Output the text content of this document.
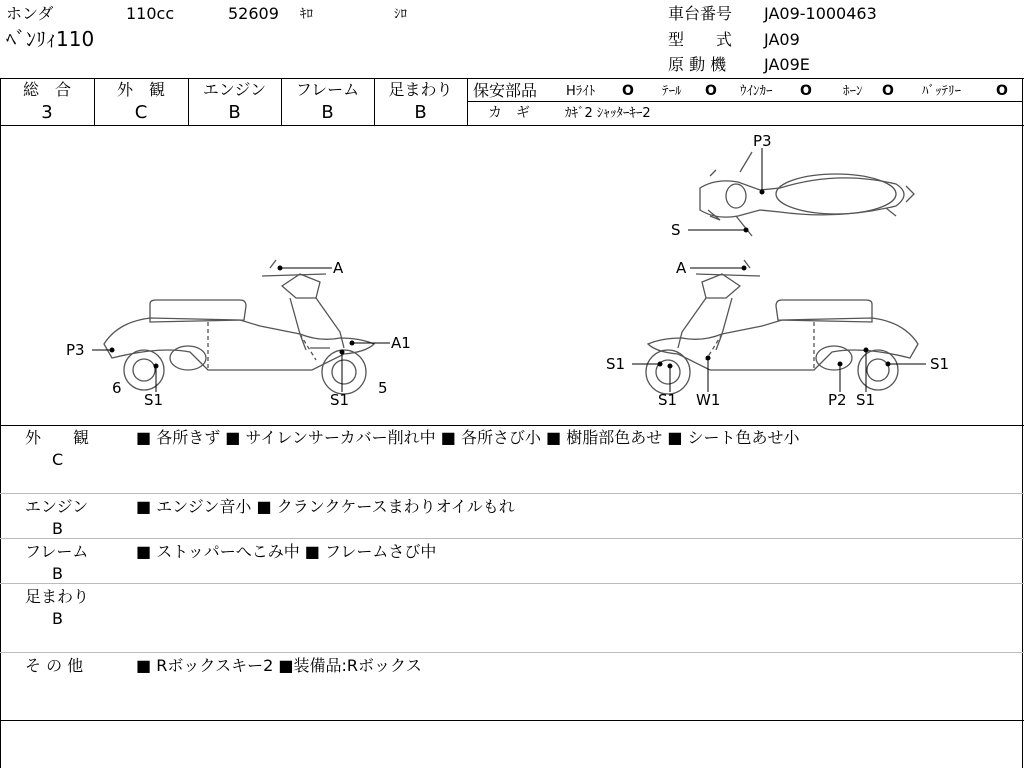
ホンダ	110cc	52609 ｷﾛ	ｼﾛ
ﾍﾞﾝﾘｨ110
車台番号 JA09-1000463
型　　式 JA09
原 動 機 JA09E
総　合
3
外　観
C
エンジン
B
フレーム
B
足まわり
B
保安部品 Hﾗｲﾄ O ﾃｰﾙ O ｳｲﾝｶｰ O ﾎｰﾝ O ﾊﾞｯﾃﾘｰ	O
カ　ギ	ｶｷﾞ2 ｼｬｯﾀｰｷｰ2
P3
S
A
A1
P3
6	5
S1	S1
A
S1
S1 W1	P2 S1
S1
外　　観
C
■ 各所きず ■ サイレンサーカバー削れ中 ■ 各所さび小 ■ 樹脂部色あせ ■ シート色あせ小
エンジン
B
■ エンジン音小 ■ クランクケースまわりオイルもれ
フレーム
B
■ ストッパーへこみ中 ■ フレームさび中
足まわり
B
そ の 他	■ Rボックスキー2 ■装備品:Rボックス
